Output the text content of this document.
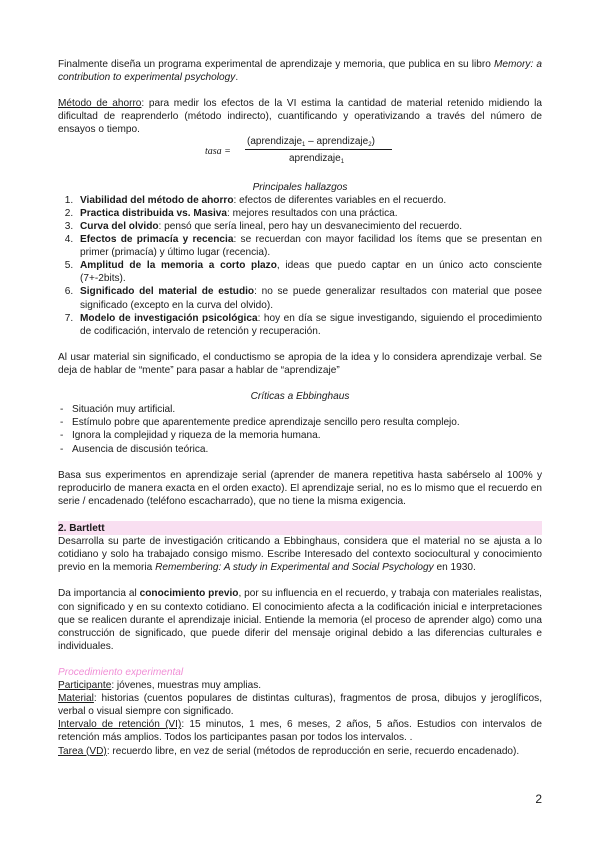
Finalmente diseña un programa experimental de aprendizaje y memoria, que publica en su libro Memory: a contribution to experimental psychology.

Método de ahorro: para medir los efectos de la VI estima la cantidad de material retenido midiendo la dificultad de reaprenderlo (método indirecto), cuantificando y operativizando a través del número de ensayos o tiempo.

Principales hallazgos

1. Viabilidad del método de ahorro: efectos de diferentes variables en el recuerdo.
2. Practica distribuida vs. Masiva: mejores resultados con una práctica.
3. Curva del olvido: pensó que sería lineal, pero hay un desvanecimiento del recuerdo.
4. Efectos de primacía y recencia: se recuerdan con mayor facilidad los ítems que se presentan en primer (primacía) y último lugar (recencia).
5. Amplitud de la memoria a corto plazo, ideas que puedo captar en un único acto consciente (7+-2bits).
6. Significado del material de estudio: no se puede generalizar resultados con material que posee significado (excepto en la curva del olvido).
7. Modelo de investigación psicológica: hoy en día se sigue investigando, siguiendo el procedimiento de codificación, intervalo de retención y recuperación.

Al usar material sin significado, el conductismo se apropia de la idea y lo considera aprendizaje verbal. Se deja de hablar de “mente” para pasar a hablar de “aprendizaje”

Críticas a Ebbinghaus

- Situación muy artificial.
- Estímulo pobre que aparentemente predice aprendizaje sencillo pero resulta complejo.
- Ignora la complejidad y riqueza de la memoria humana.
- Ausencia de discusión teórica.

Basa sus experimentos en aprendizaje serial (aprender de manera repetitiva hasta sabérselo al 100% y reproducirlo de manera exacta en el orden exacto). El aprendizaje serial, no es lo mismo que el recuerdo en serie / encadenado (teléfono escacharrado), que no tiene la misma exigencia.

2. Bartlett

Desarrolla su parte de investigación criticando a Ebbinghaus, considera que el material no se ajusta a lo cotidiano y solo ha trabajado consigo mismo. Escribe Interesado del contexto sociocultural y conocimiento previo en la memoria Remembering: A study in Experimental and Social Psychology en 1930.

Da importancia al conocimiento previo, por su influencia en el recuerdo, y trabaja con materiales realistas, con significado y en su contexto cotidiano. El conocimiento afecta a la codificación inicial e interpretaciones que se realicen durante el aprendizaje inicial. Entiende la memoria (el proceso de aprender algo) como una construcción de significado, que puede diferir del mensaje original debido a las diferencias culturales e individuales.

Procedimiento experimental

Participante: jóvenes, muestras muy amplias.

Material: historias (cuentos populares de distintas culturas), fragmentos de prosa, dibujos y jeroglíficos, verbal o visual siempre con significado.

Intervalo de retención (VI): 15 minutos, 1 mes, 6 meses, 2 años, 5 años. Estudios con intervalos de retención más amplios. Todos los participantes pasan por todos los intervalos. .

Tarea (VD): recuerdo libre, en vez de serial (métodos de reproducción en serie, recuerdo encadenado).

tasa =
(aprendizaje$_1$ – aprendizaje$_2$)
aprendizaje$_1$
2
